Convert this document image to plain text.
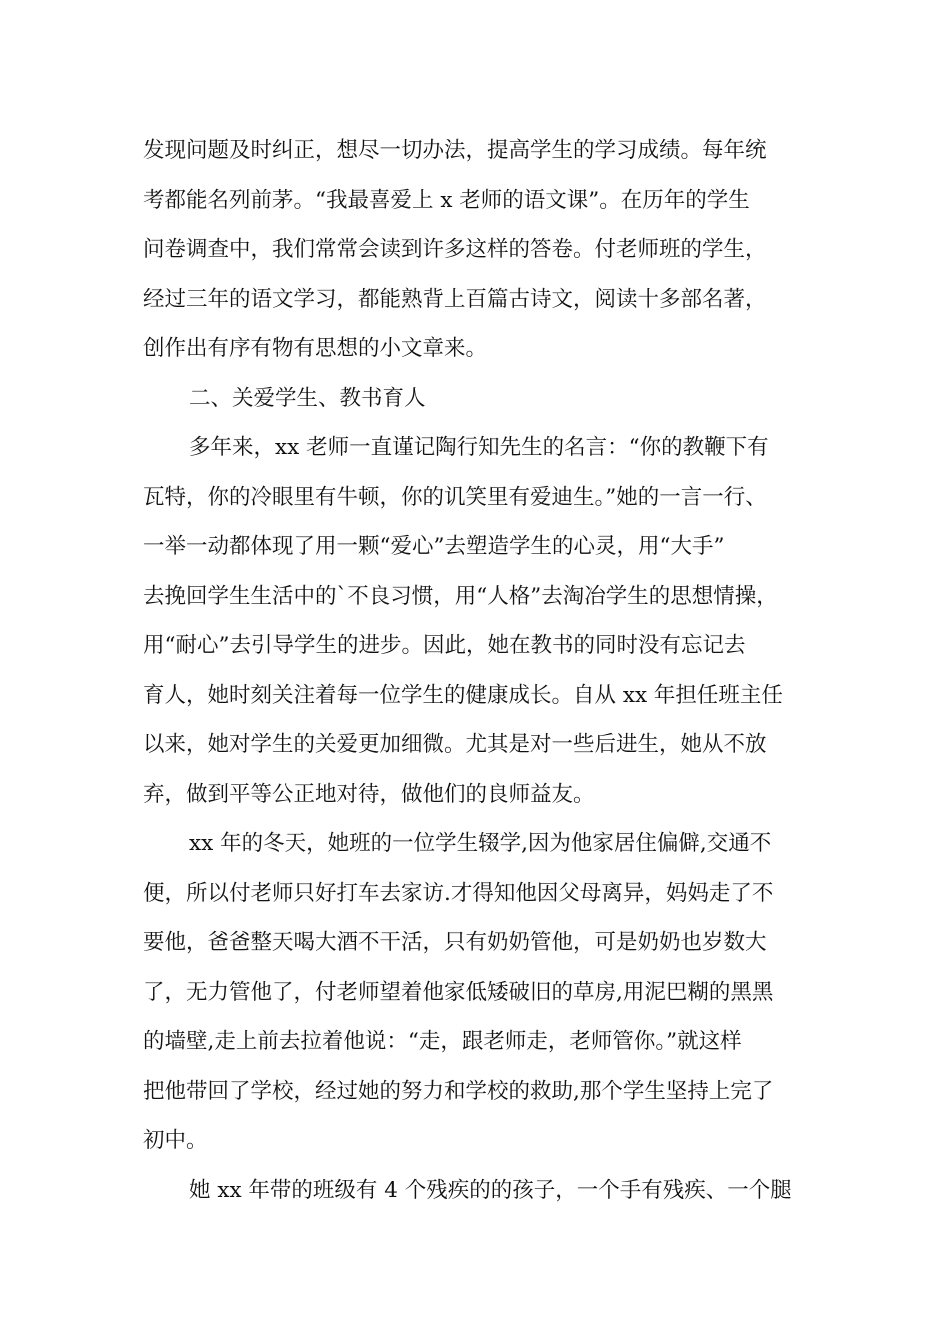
发现问题及时纠正，想尽一切办法，提高学生的学习成绩。每年统
考都能名列前茅。“我最喜爱上 x 老师的语文课”。在历年的学生
问卷调查中，我们常常会读到许多这样的答卷。付老师班的学生，
经过三年的语文学习，都能熟背上百篇古诗文，阅读十多部名著，
创作出有序有物有思想的小文章来。
二、关爱学生、教书育人
多年来，xx 老师一直谨记陶行知先生的名言：“你的教鞭下有
瓦特，你的冷眼里有牛顿，你的讥笑里有爱迪生。”她的一言一行、
一举一动都体现了用一颗“爱心”去塑造学生的心灵，用“大手”
去挽回学生生活中的`不良习惯，用“人格”去淘冶学生的思想情操，
用“耐心”去引导学生的进步。因此，她在教书的同时没有忘记去
育人，她时刻关注着每一位学生的健康成长。自从 xx 年担任班主任
以来，她对学生的关爱更加细微。尤其是对一些后进生，她从不放
弃，做到平等公正地对待，做他们的良师益友。
xx 年的冬天，她班的一位学生辍学,因为他家居住偏僻,交通不
便，所以付老师只好打车去家访.才得知他因父母离异，妈妈走了不
要他，爸爸整天喝大酒不干活，只有奶奶管他，可是奶奶也岁数大
了，无力管他了，付老师望着他家低矮破旧的草房,用泥巴糊的黑黑
的墙壁,走上前去拉着他说：“走，跟老师走，老师管你。”就这样
把他带回了学校，经过她的努力和学校的救助,那个学生坚持上完了
初中。
她 xx 年带的班级有 4 个残疾的的孩子，一个手有残疾、一个腿
